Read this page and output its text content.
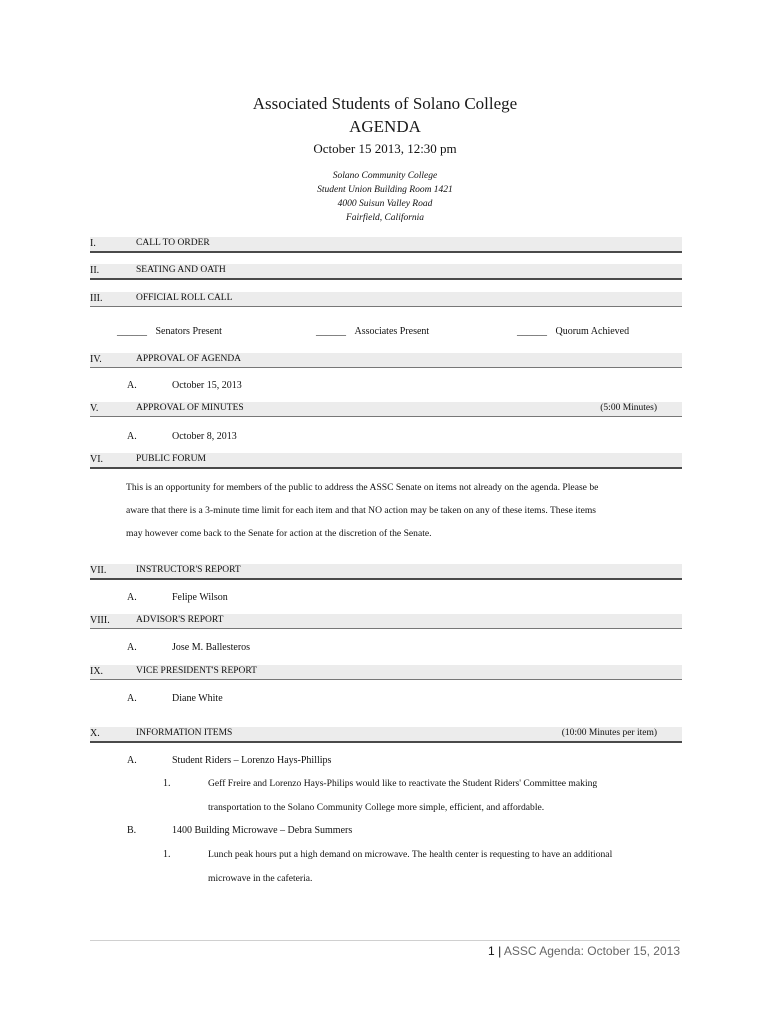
Associated Students of Solano College
AGENDA
October 15 2013, 12:30 pm
Solano Community College
Student Union Building Room 1421
4000 Suisun Valley Road
Fairfield, California
I.	CALL TO ORDER
II.	SEATING AND OATH
III.	OFFICIAL ROLL CALL
______ Senators Present	______ Associates Present	______ Quorum Achieved
IV.	APPROVAL OF AGENDA
A.	October 15, 2013
V.	APPROVAL OF MINUTES	(5:00 Minutes)
A.	October 8, 2013
VI.	PUBLIC FORUM
This is an opportunity for members of the public to address the ASSC Senate on items not already on the agenda. Please be
aware that there is a 3-minute time limit for each item and that NO action may be taken on any of these items. These items
may however come back to the Senate for action at the discretion of the Senate.
VII.	INSTRUCTOR'S REPORT
A.	Felipe Wilson
VIII.	ADVISOR'S REPORT
A.	Jose M. Ballesteros
IX.	VICE PRESIDENT'S REPORT
A.	Diane White
X.	INFORMATION ITEMS	(10:00 Minutes per item)
A.	Student Riders – Lorenzo Hays-Phillips
1.	Geff Freire and Lorenzo Hays-Philips would like to reactivate the Student Riders' Committee making
transportation to the Solano Community College more simple, efficient, and affordable.
B.	1400 Building Microwave – Debra Summers
1.	Lunch peak hours put a high demand on microwave. The health center is requesting to have an additional
microwave in the cafeteria.
1 | ASSC Agenda: October 15, 2013
